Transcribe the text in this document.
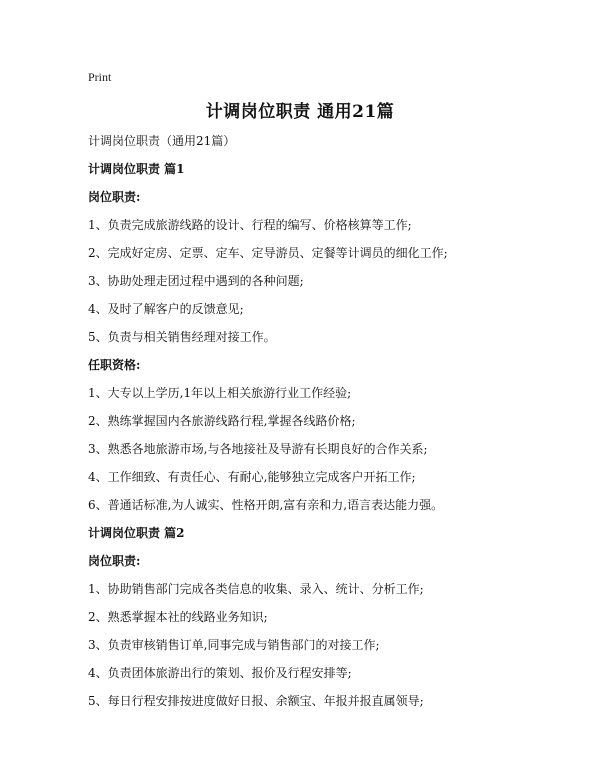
Print
计调岗位职责 通用21篇

计调岗位职责（通用21篇）

计调岗位职责 篇1

岗位职责:

1、负责完成旅游线路的设计、行程的编写、价格核算等工作;

2、完成好定房、定票、定车、定导游员、定餐等计调员的细化工作;

3、协助处理走团过程中遇到的各种问题;

4、及时了解客户的反馈意见;

5、负责与相关销售经理对接工作。

任职资格:

1、大专以上学历,1年以上相关旅游行业工作经验;

2、熟练掌握国内各旅游线路行程,掌握各线路价格;

3、熟悉各地旅游市场,与各地接社及导游有长期良好的合作关系;

4、工作细致、有责任心、有耐心,能够独立完成客户开拓工作;

6、普通话标准,为人诚实、性格开朗,富有亲和力,语言表达能力强。

计调岗位职责 篇2

岗位职责:

1、协助销售部门完成各类信息的收集、录入、统计、分析工作;

2、熟悉掌握本社的线路业务知识;

3、负责审核销售订单,同事完成与销售部门的对接工作;

4、负责团体旅游出行的策划、报价及行程安排等;

5、每日行程安排按进度做好日报、余额宝、年报并报直属领导;
